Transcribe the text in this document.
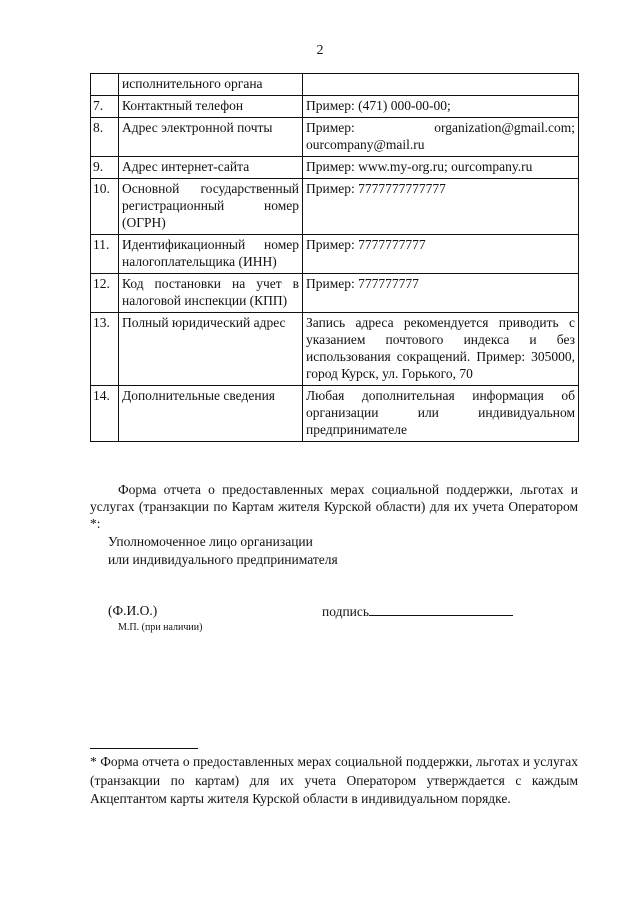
2
	исполнительного органа	
7.	Контактный телефон	Пример: (471) 000-00-00;
8.	Адрес электронной почты	Пример: organization@gmail.com; ourcompany@mail.ru
9.	Адрес интернет-сайта	Пример: www.my-org.ru; ourcompany.ru
10.	Основной государственный регистрационный номер (ОГРН)	Пример: 7777777777777
11.	Идентификационный номер налогоплательщика (ИНН)	Пример: 7777777777
12.	Код постановки на учет в налоговой инспекции (КПП)	Пример: 777777777
13.	Полный юридический адрес	Запись адреса рекомендуется приводить с указанием почтового индекса и без использования сокращений. Пример: 305000, город Курск, ул. Горького, 70
14.	Дополнительные сведения	Любая дополнительная информация об организации или индивидуальном предпринимателе
Форма отчета о предоставленных мерах социальной поддержки, льготах и услугах (транзакции по Картам жителя Курской области) для их учета Оператором *:
Уполномоченное лицо организации
или индивидуального предпринимателя
(Ф.И.О.)
М.П. (при наличии)
подпись
* Форма отчета о предоставленных мерах социальной поддержки, льготах и услугах (транзакции по картам) для их учета Оператором утверждается с каждым Акцептантом карты жителя Курской области в индивидуальном порядке.
